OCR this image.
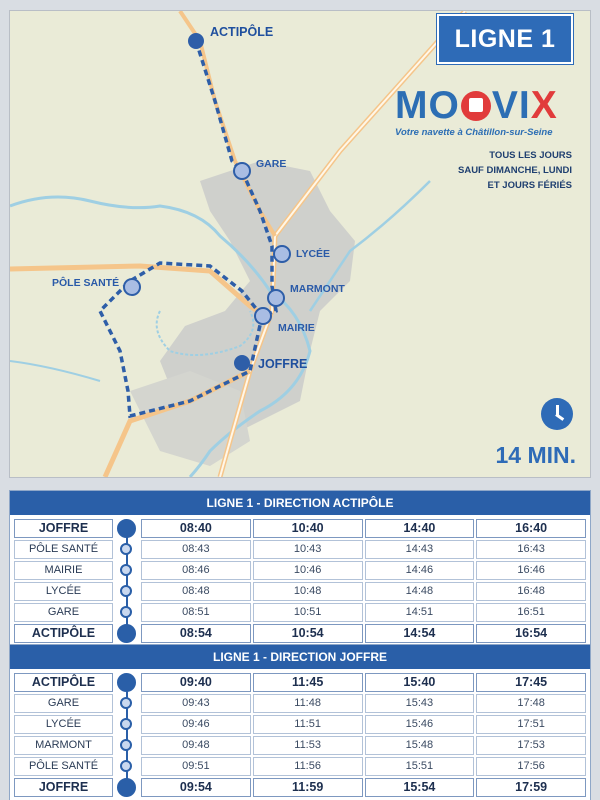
ACTIPÔLE
GARE
LYCÉE
MARMONT
MAIRIE
PÔLE SANTÉ
JOFFRE
LIGNE 1
MO VI X
Votre navette à Châtillon-sur-Seine
TOUS LES JOURS
SAUF DIMANCHE, LUNDI
ET JOURS FÉRIÉS
14 MIN.
LIGNE 1 - DIRECTION ACTIPÔLE
JOFFRE	08:40	10:40	14:40	16:40
PÔLE SANTÉ	08:43	10:43	14:43	16:43
MAIRIE	08:46	10:46	14:46	16:46
LYCÉE	08:48	10:48	14:48	16:48
GARE	08:51	10:51	14:51	16:51
ACTIPÔLE	08:54	10:54	14:54	16:54
LIGNE 1 - DIRECTION JOFFRE
ACTIPÔLE	09:40	11:45	15:40	17:45
GARE	09:43	11:48	15:43	17:48
LYCÉE	09:46	11:51	15:46	17:51
MARMONT	09:48	11:53	15:48	17:53
PÔLE SANTÉ	09:51	11:56	15:51	17:56
JOFFRE	09:54	11:59	15:54	17:59
